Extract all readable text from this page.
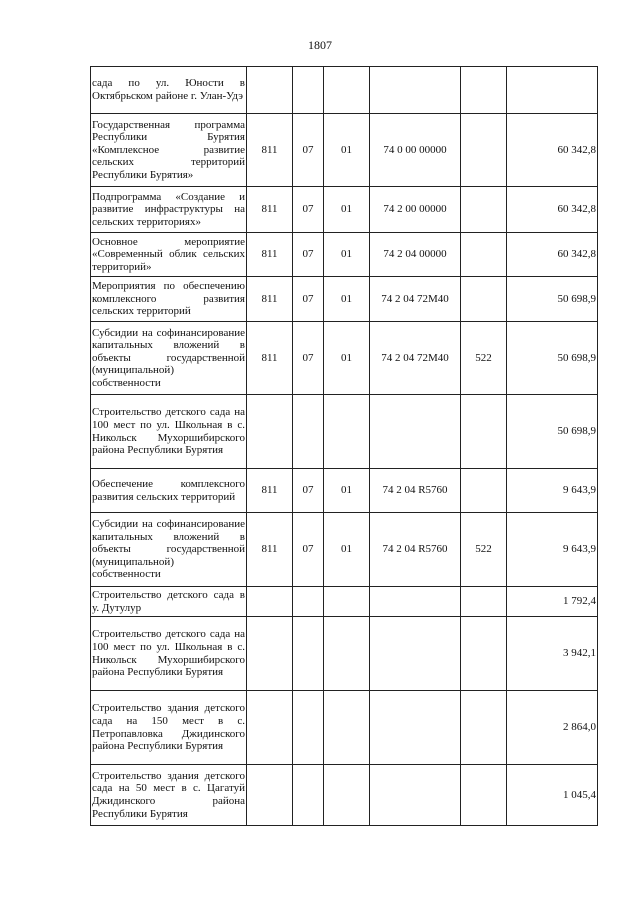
1807
сада по ул. Юности в Октябрьском районе г. Улан-Удэ						
Государственная программа Республики Бурятия «Комплексное развитие сельских территорий Республики Бурятия»	811	07	01	74 0 00 00000		60 342,8
Подпрограмма «Создание и развитие инфраструктуры на сельских территориях»	811	07	01	74 2 00 00000		60 342,8
Основное мероприятие «Современный облик сельских территорий»	811	07	01	74 2 04 00000		60 342,8
Мероприятия по обеспечению комплексного развития сельских территорий	811	07	01	74 2 04 72М40		50 698,9
Субсидии на софинансирование капитальных вложений в объекты государственной (муниципальной) собственности	811	07	01	74 2 04 72М40	522	50 698,9
Строительство детского сада на 100 мест по ул. Школьная в с. Никольск Мухоршибирского района Республики Бурятия						50 698,9
Обеспечение комплексного развития сельских территорий	811	07	01	74 2 04 R5760		9 643,9
Субсидии на софинансирование капитальных вложений в объекты государственной (муниципальной) собственности	811	07	01	74 2 04 R5760	522	9 643,9
Строительство детского сада в у. Дутулур						1 792,4
Строительство детского сада на 100 мест по ул. Школьная в с. Никольск Мухоршибирского района Республики Бурятия						3 942,1
Строительство здания детского сада на 150 мест в с. Петропавловка Джидинского района Республики Бурятия						2 864,0
Строительство здания детского сада на 50 мест в с. Цагатуй Джидинского района Республики Бурятия						1 045,4
